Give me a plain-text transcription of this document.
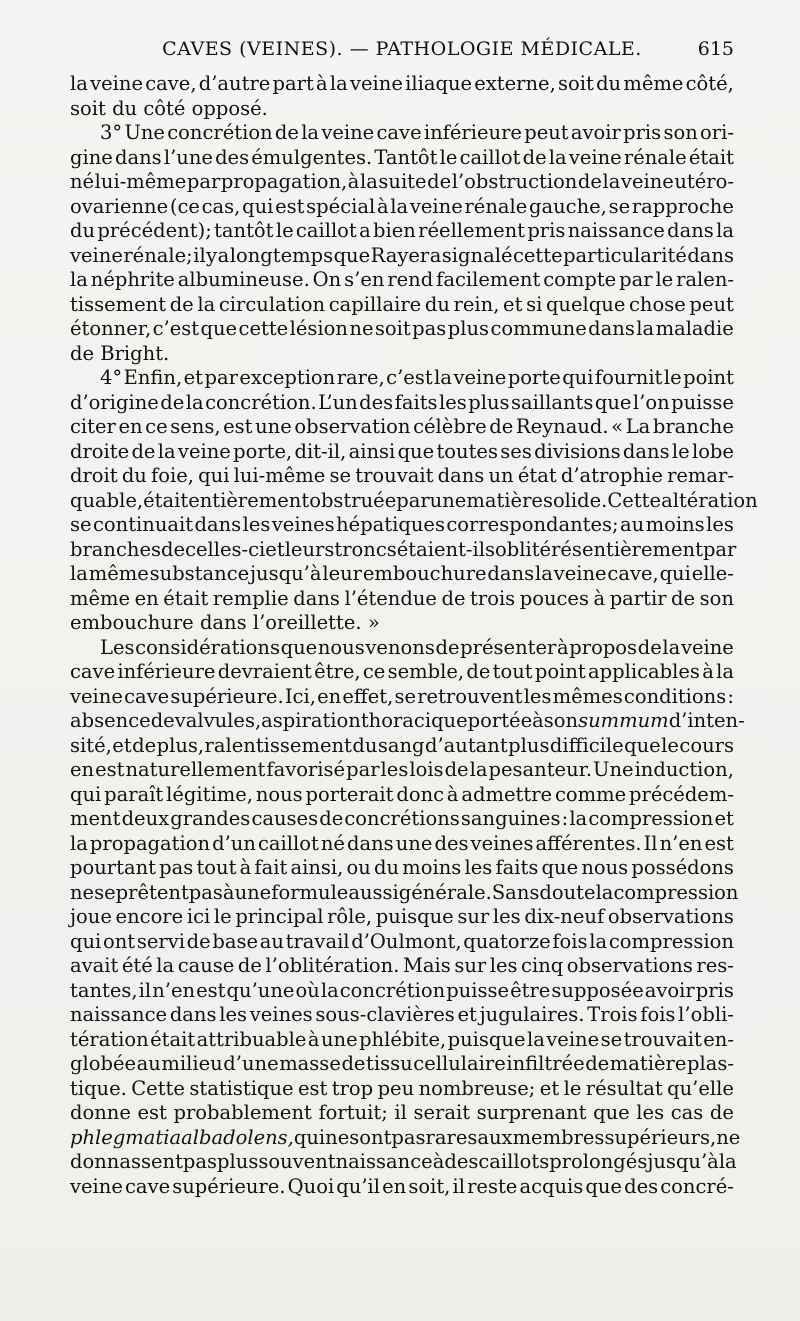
CAVES (VEINES). — PATHOLOGIE MÉDICALE.	615
la veine cave, d’autre part à la veine iliaque externe, soit du même côté,
soit du côté opposé.
3° Une concrétion de la veine cave inférieure peut avoir pris son ori-
gine dans l’une des émulgentes. Tantôt le caillot de la veine rénale était
né lui-même par propagation, à la suite de l’obstruction de la veine utéro-
ovarienne (ce cas, qui est spécial à la veine rénale gauche, se rapproche
du précédent); tantôt le caillot a bien réellement pris naissance dans la
veine rénale; il y a longtemps que Rayer a signalé cette particularité dans
la néphrite albumineuse. On s’en rend facilement compte par le ralen-
tissement de la circulation capillaire du rein, et si quelque chose peut
étonner, c’est que cette lésion ne soit pas plus commune dans la maladie
de Bright.
4° Enfin, et par exception rare, c’est la veine porte qui fournit le point
d’origine de la concrétion. L’un des faits les plus saillants que l’on puisse
citer en ce sens, est une observation célèbre de Reynaud. « La branche
droite de la veine porte, dit-il, ainsi que toutes ses divisions dans le lobe
droit du foie, qui lui-même se trouvait dans un état d’atrophie remar-
quable, était entièrement obstruée par une matière solide. Cette altération
se continuait dans les veines hépatiques correspondantes; au moins les
branches de celles-ci et leurs troncs étaient-ils oblitérés entièrement par
la même substance jusqu’à leur embouchure dans la veine cave, qui elle-
même en était remplie dans l’étendue de trois pouces à partir de son
embouchure dans l’oreillette. »
Les considérations que nous venons de présenter à propos de la veine
cave inférieure devraient être, ce semble, de tout point applicables à la
veine cave supérieure. Ici, en effet, se retrouvent les mêmes conditions :
absence de valvules, aspiration thoracique portée à son summum d’inten-
sité, et de plus, ralentissement du sang d’autant plus difficile que le cours
en est naturellement favorisé par les lois de la pesanteur. Une induction,
qui paraît légitime, nous porterait donc à admettre comme précédem-
ment deux grandes causes de concrétions sanguines : la compression et
la propagation d’un caillot né dans une des veines afférentes. Il n’en est
pourtant pas tout à fait ainsi, ou du moins les faits que nous possédons
ne se prêtent pas à une formule aussi générale. Sans doute la compression
joue encore ici le principal rôle, puisque sur les dix-neuf observations
qui ont servi de base au travail d’Oulmont, quatorze fois la compression
avait été la cause de l’oblitération. Mais sur les cinq observations res-
tantes, il n’en est qu’une où la concrétion puisse être supposée avoir pris
naissance dans les veines sous-clavières et jugulaires. Trois fois l’obli-
tération était attribuable à une phlébite, puisque la veine se trouvait en-
globée au milieu d’une masse de tissu cellulaire infiltrée de matière plas-
tique. Cette statistique est trop peu nombreuse; et le résultat qu’elle
donne est probablement fortuit; il serait surprenant que les cas de
phlegmatia alba dolens, qui ne sont pas rares aux membres supérieurs, ne
donnassent pas plus souvent naissance à des caillots prolongés jusqu’à la
veine cave supérieure. Quoi qu’il en soit, il reste acquis que des concré-
